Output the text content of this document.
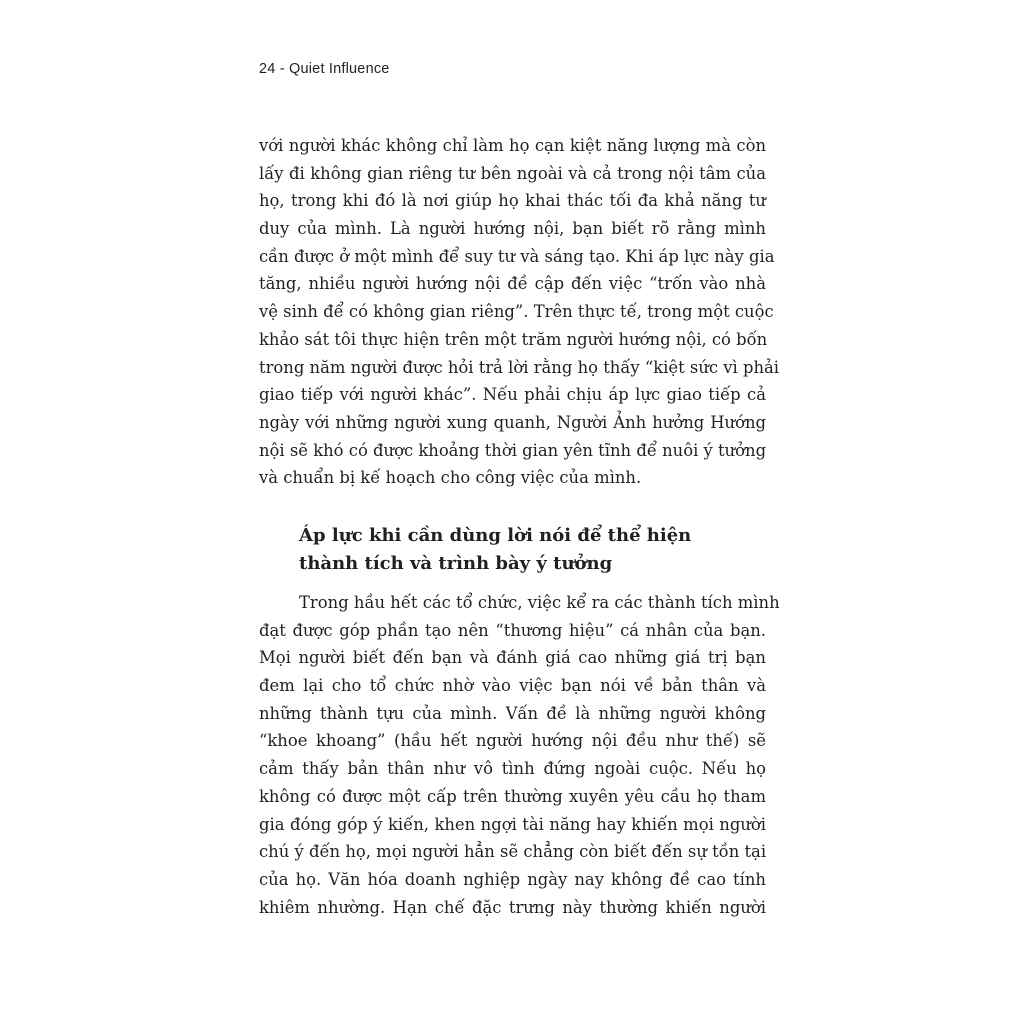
24 - Quiet Influence
với người khác không chỉ làm họ cạn kiệt năng lượng mà còn
lấy đi không gian riêng tư bên ngoài và cả trong nội tâm của
họ, trong khi đó là nơi giúp họ khai thác tối đa khả năng tư
duy của mình. Là người hướng nội, bạn biết rõ rằng mình
cần được ở một mình để suy tư và sáng tạo. Khi áp lực này gia
tăng, nhiều người hướng nội đề cập đến việc “trốn vào nhà
vệ sinh để có không gian riêng”. Trên thực tế, trong một cuộc
khảo sát tôi thực hiện trên một trăm người hướng nội, có bốn
trong năm người được hỏi trả lời rằng họ thấy “kiệt sức vì phải
giao tiếp với người khác”. Nếu phải chịu áp lực giao tiếp cả
ngày với những người xung quanh, Người Ảnh hưởng Hướng
nội sẽ khó có được khoảng thời gian yên tĩnh để nuôi ý tưởng
và chuẩn bị kế hoạch cho công việc của mình.
Áp lực khi cần dùng lời nói để thể hiện
thành tích và trình bày ý tưởng
Trong hầu hết các tổ chức, việc kể ra các thành tích mình
đạt được góp phần tạo nên “thương hiệu” cá nhân của bạn.
Mọi người biết đến bạn và đánh giá cao những giá trị bạn
đem lại cho tổ chức nhờ vào việc bạn nói về bản thân và
những thành tựu của mình. Vấn đề là những người không
“khoe khoang” (hầu hết người hướng nội đều như thế) sẽ
cảm thấy bản thân như vô tình đứng ngoài cuộc. Nếu họ
không có được một cấp trên thường xuyên yêu cầu họ tham
gia đóng góp ý kiến, khen ngợi tài năng hay khiến mọi người
chú ý đến họ, mọi người hẳn sẽ chẳng còn biết đến sự tồn tại
của họ. Văn hóa doanh nghiệp ngày nay không đề cao tính
khiêm nhường. Hạn chế đặc trưng này thường khiến người
